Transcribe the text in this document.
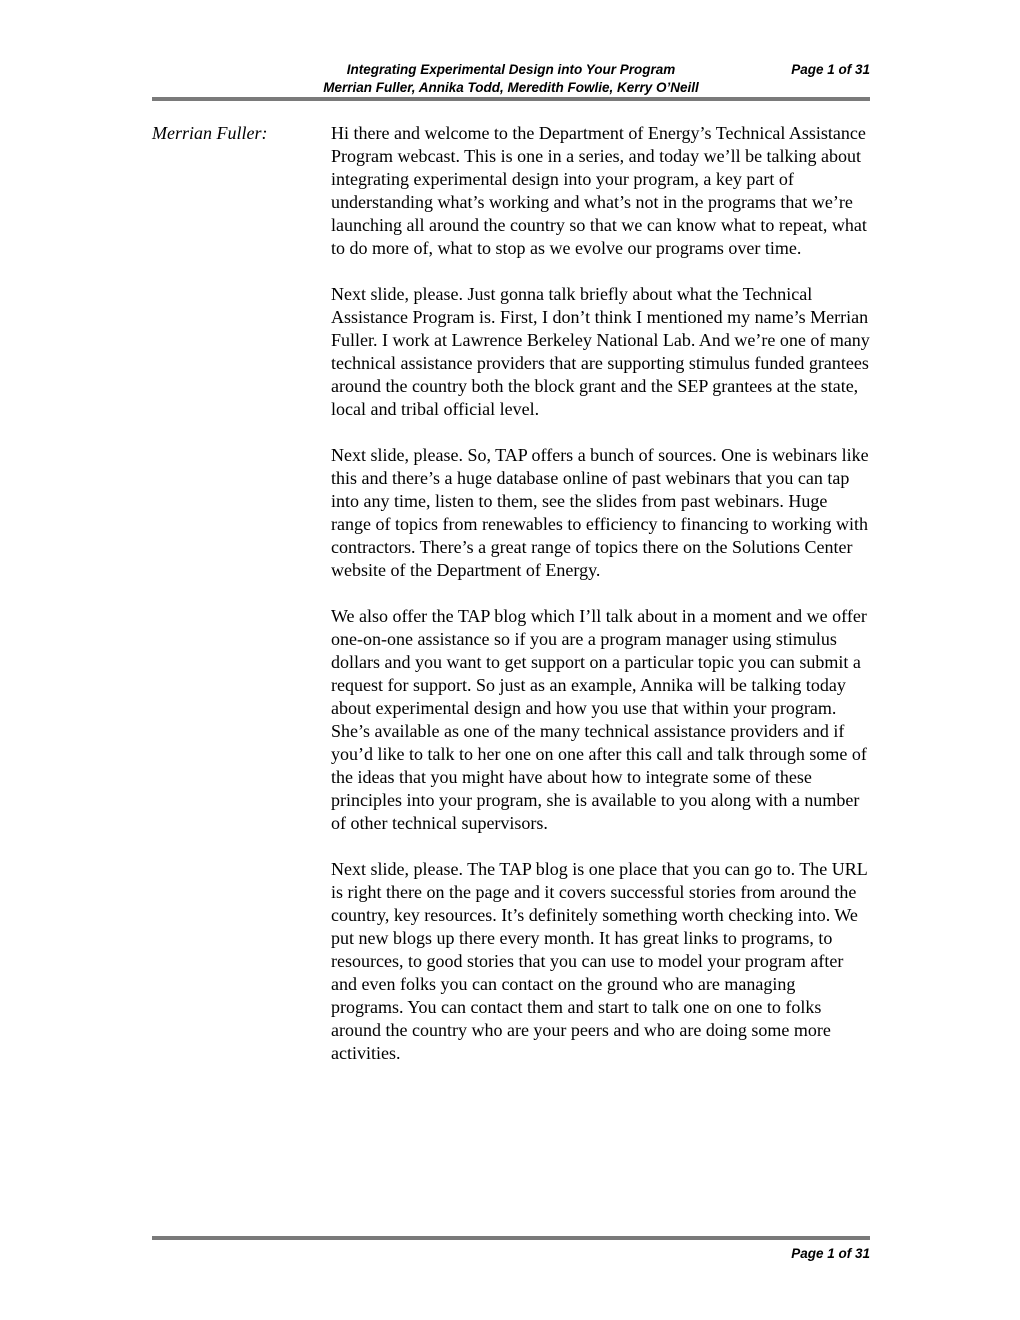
Integrating Experimental Design into Your Program	Page 1 of 31
Merrian Fuller, Annika Todd, Meredith Fowlie, Kerry O’Neill
Merrian Fuller:	Hi there and welcome to the Department of Energy’s Technical Assistance Program webcast. This is one in a series, and today we’ll be talking about integrating experimental design into your program, a key part of understanding what’s working and what’s not in the programs that we’re launching all around the country so that we can know what to repeat, what to do more of, what to stop as we evolve our programs over time.

Next slide, please. Just gonna talk briefly about what the Technical Assistance Program is. First, I don’t think I mentioned my name’s Merrian Fuller. I work at Lawrence Berkeley National Lab. And we’re one of many technical assistance providers that are supporting stimulus funded grantees around the country both the block grant and the SEP grantees at the state, local and tribal official level.

Next slide, please. So, TAP offers a bunch of sources. One is webinars like this and there’s a huge database online of past webinars that you can tap into any time, listen to them, see the slides from past webinars. Huge range of topics from renewables to efficiency to financing to working with contractors. There’s a great range of topics there on the Solutions Center website of the Department of Energy.

We also offer the TAP blog which I’ll talk about in a moment and we offer one-on-one assistance so if you are a program manager using stimulus dollars and you want to get support on a particular topic you can submit a request for support. So just as an example, Annika will be talking today about experimental design and how you use that within your program. She’s available as one of the many technical assistance providers and if you’d like to talk to her one on one after this call and talk through some of the ideas that you might have about how to integrate some of these principles into your program, she is available to you along with a number of other technical supervisors.

Next slide, please. The TAP blog is one place that you can go to. The URL is right there on the page and it covers successful stories from around the country, key resources. It’s definitely something worth checking into. We put new blogs up there every month. It has great links to programs, to resources, to good stories that you can use to model your program after and even folks you can contact on the ground who are managing programs. You can contact them and start to talk one on one to folks around the country who are your peers and who are doing some more activities.

Page 1 of 31
